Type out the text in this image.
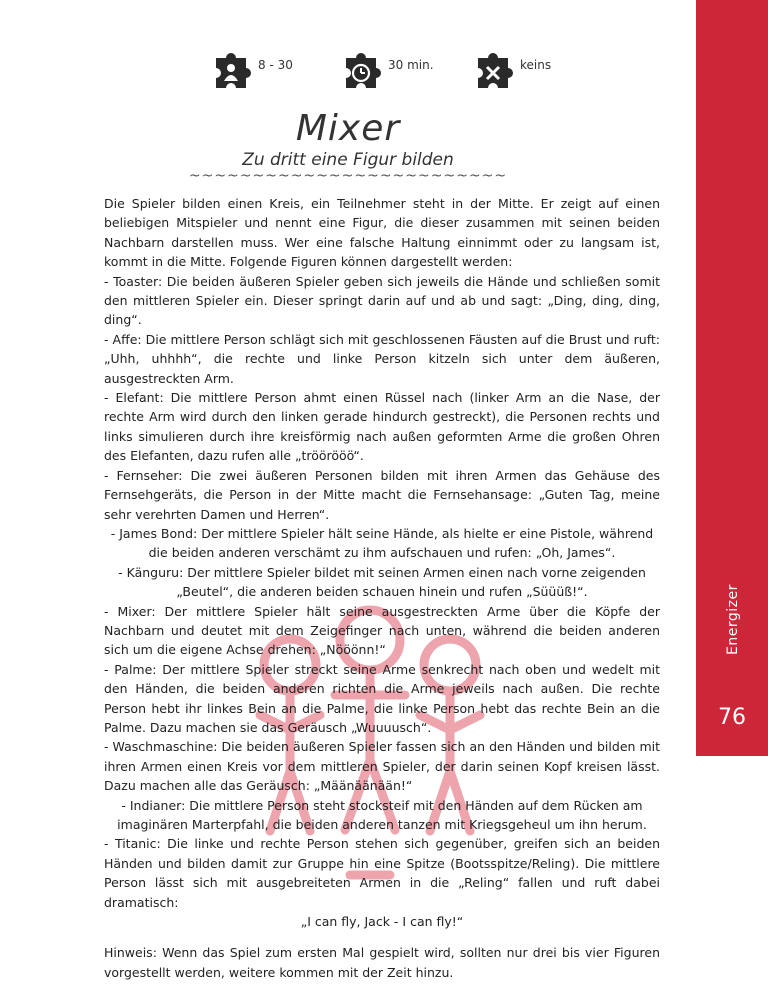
Energizer
76
8 - 30	30 min.	keins
Mixer
Zu dritt eine Figur bilden
~~~~~~~~~~~~~~~~~~~~~~~~~

Die Spieler bilden einen Kreis, ein Teilnehmer steht in der Mitte. Er zeigt auf einen beliebigen Mitspieler und nennt eine Figur, die dieser zusammen mit seinen beiden Nachbarn darstellen muss. Wer eine falsche Haltung einnimmt oder zu langsam ist, kommt in die Mitte. Folgende Figuren können dargestellt werden:

- Toaster: Die beiden äußeren Spieler geben sich jeweils die Hände und schließen somit den mittleren Spieler ein. Dieser springt darin auf und ab und sagt: „Ding, ding, ding, ding“.

- Affe: Die mittlere Person schlägt sich mit geschlossenen Fäusten auf die Brust und ruft: „Uhh, uhhhh“, die rechte und linke Person kitzeln sich unter dem äußeren, ausgestreckten Arm.

- Elefant: Die mittlere Person ahmt einen Rüssel nach (linker Arm an die Nase, der rechte Arm wird durch den linken gerade hindurch gestreckt), die Personen rechts und links simulieren durch ihre kreisförmig nach außen geformten Arme die großen Ohren des Elefanten, dazu rufen alle „tröörööö“.

- Fernseher: Die zwei äußeren Personen bilden mit ihren Armen das Gehäuse des Fernsehgeräts, die Person in der Mitte macht die Fernsehansage: „Guten Tag, meine sehr verehrten Damen und Herren“.

- James Bond: Der mittlere Spieler hält seine Hände, als hielte er eine Pistole, während die beiden anderen verschämt zu ihm aufschauen und rufen: „Oh, James“.

- Känguru: Der mittlere Spieler bildet mit seinen Armen einen nach vorne zeigenden „Beutel“, die anderen beiden schauen hinein und rufen „Süüüß!“.

- Mixer: Der mittlere Spieler hält seine ausgestreckten Arme über die Köpfe der Nachbarn und deutet mit dem Zeigefinger nach unten, während die beiden anderen sich um die eigene Achse drehen: „Nööönn!“

- Palme: Der mittlere Spieler streckt seine Arme senkrecht nach oben und wedelt mit den Händen, die beiden anderen richten die Arme jeweils nach außen. Die rechte Person hebt ihr linkes Bein an die Palme, die linke Person hebt das rechte Bein an die Palme. Dazu machen sie das Geräusch „Wuuuusch“.

- Waschmaschine: Die beiden äußeren Spieler fassen sich an den Händen und bilden mit ihren Armen einen Kreis vor dem mittleren Spieler, der darin seinen Kopf kreisen lässt. Dazu machen alle das Geräusch: „Määnäänään!“

- Indianer: Die mittlere Person steht stocksteif mit den Händen auf dem Rücken am imaginären Marterpfahl, die beiden anderen tanzen mit Kriegsgeheul um ihn herum.

- Titanic: Die linke und rechte Person stehen sich gegenüber, greifen sich an beiden Händen und bilden damit zur Gruppe hin eine Spitze (Bootsspitze/Reling). Die mittlere Person lässt sich mit ausgebreiteten Armen in die „Reling“ fallen und ruft dabei dramatisch:

„I can fly, Jack - I can fly!“

Hinweis: Wenn das Spiel zum ersten Mal gespielt wird, sollten nur drei bis vier Figuren vorgestellt werden, weitere kommen mit der Zeit hinzu.
